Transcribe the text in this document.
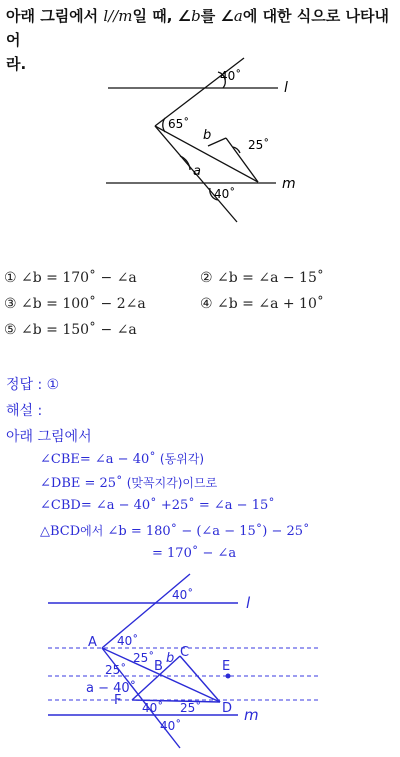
아래 그림에서 l//m일 때, ∠b를 ∠a에 대한 식으로 나타내어
라.
40˚
65˚
25˚
40˚
l
m
a
b
① ∠b = 170˚ − ∠a	② ∠b = ∠a − 15˚
③ ∠b = 100˚ − 2∠a	④ ∠b = ∠a + 10˚
⑤ ∠b = 150˚ − ∠a
정답 : ①
해설 :
아래 그림에서
∠CBE= ∠a − 40˚ (동위각)
∠DBE = 25˚ (맞꼭지각)이므로
∠CBD= ∠a − 40˚ +25˚ = ∠a − 15˚
△BCD에서 ∠b = 180˚ − (∠a − 15˚) − 25˚
= 170˚ − ∠a
40˚
40˚
25˚
25˚
25˚
40˚
40˚
a − 40˚
A
B
C
D
E
F
b
l
m
